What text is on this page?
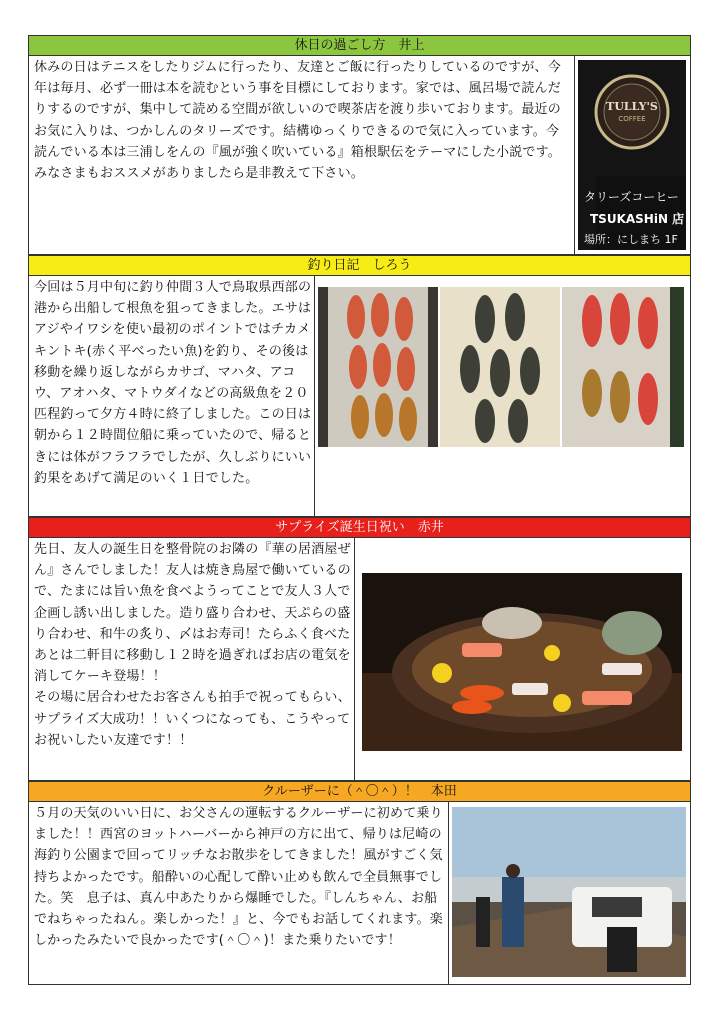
休日の過ごし方　井上
休みの日はテニスをしたりジムに行ったり、友達とご飯に行ったりしているのですが、今年は毎月、必ず一冊は本を読むという事を目標にしております。家では、風呂場で読んだりするのですが、集中して読める空間が欲しいので喫茶店を渡り歩いております。最近のお気に入りは、つかしんのタリーズです。結構ゆっくりできるので気に入っています。今読んでいる本は三浦しをんの『風が強く吹いている』箱根駅伝をテーマにした小説です。みなさまもおススメがありましたら是非教えて下さい。
TULLY'S
COFFEE
タリーズコーヒー
TSUKASHiN 店
場所：にしまち 1F
釣り日記　しろう
今回は５月中旬に釣り仲間３人で鳥取県西部の港から出船して根魚を狙ってきました。エサはアジやイワシを使い最初のポイントではチカメキントキ(赤く平べったい魚)を釣り、その後は移動を繰り返しながらカサゴ、マハタ、アコウ、アオハタ、マトウダイなどの高級魚を２０匹程釣って夕方４時に終了しました。この日は朝から１２時間位船に乗っていたので、帰るときには体がフラフラでしたが、久しぶりにいい釣果をあげて満足のいく１日でした。
サプライズ誕生日祝い　赤井
先日、友人の誕生日を整骨院のお隣の『華の居酒屋ぜん』さんでしました！友人は焼き鳥屋で働いているので、たまには旨い魚を食べようってことで友人３人で企画し誘い出しました。造り盛り合わせ、天ぷらの盛り合わせ、和牛の炙り、〆はお寿司！たらふく食べたあとは二軒目に移動し１２時を過ぎればお店の電気を消してケーキ登場！！
その場に居合わせたお客さんも拍手で祝ってもらい、サプライズ大成功！！いくつになっても、こうやってお祝いしたい友達です！！
クルーザーに（＾〇＾）！　本田
５月の天気のいい日に、お父さんの運転するクルーザーに初めて乗りました！！西宮のヨットハーバーから神戸の方に出て、帰りは尼崎の海釣り公園まで回ってリッチなお散歩をしてきました！風がすごく気持ちよかったです。船酔いの心配して酔い止めも飲んで全員無事でした。笑　息子は、真ん中あたりから爆睡でした。『しんちゃん、お船でねちゃったねん。楽しかった！』と、今でもお話してくれます。楽しかったみたいで良かったです(＾〇＾)！また乗りたいです！
